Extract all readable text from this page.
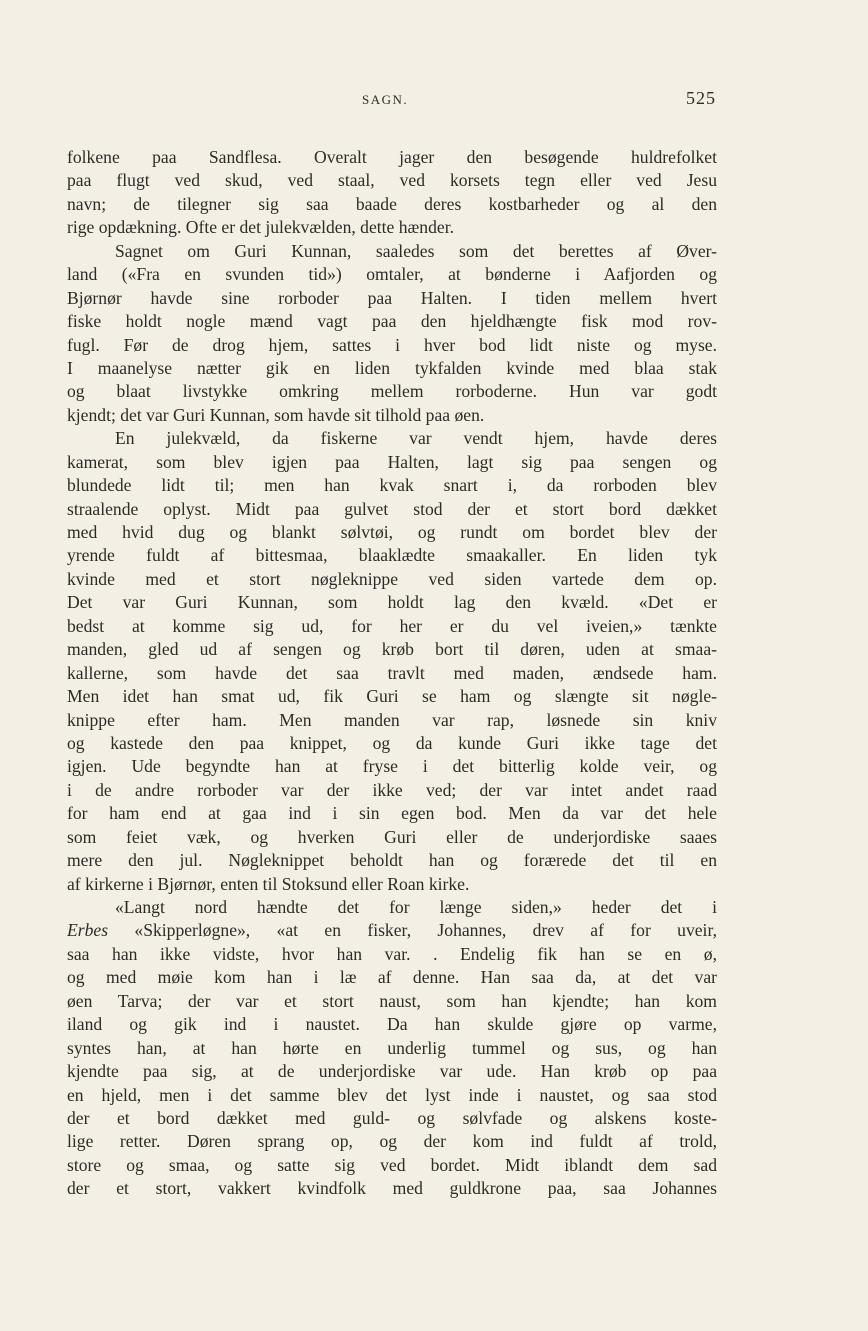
SAGN.	525
folkene paa Sandflesa. Overalt jager den besøgende huldrefolket
paa flugt ved skud, ved staal, ved korsets tegn eller ved Jesu
navn; de tilegner sig saa baade deres kostbarheder og al den
rige opdækning. Ofte er det julekvælden, dette hænder.
Sagnet om Guri Kunnan, saaledes som det berettes af Øver-
land («Fra en svunden tid») omtaler, at bønderne i Aafjorden og
Bjørnør havde sine rorboder paa Halten. I tiden mellem hvert
fiske holdt nogle mænd vagt paa den hjeldhængte fisk mod rov-
fugl. Før de drog hjem, sattes i hver bod lidt niste og myse.
I maanelyse nætter gik en liden tykfalden kvinde med blaa stak
og blaat livstykke omkring mellem rorboderne. Hun var godt
kjendt; det var Guri Kunnan, som havde sit tilhold paa øen.
En julekvæld, da fiskerne var vendt hjem, havde deres
kamerat, som blev igjen paa Halten, lagt sig paa sengen og
blundede lidt til; men han kvak snart i, da rorboden blev
straalende oplyst. Midt paa gulvet stod der et stort bord dækket
med hvid dug og blankt sølvtøi, og rundt om bordet blev der
yrende fuldt af bittesmaa, blaaklædte smaakaller. En liden tyk
kvinde med et stort nøgleknippe ved siden vartede dem op.
Det var Guri Kunnan, som holdt lag den kvæld. «Det er
bedst at komme sig ud, for her er du vel iveien,» tænkte
manden, gled ud af sengen og krøb bort til døren, uden at smaa-
kallerne, som havde det saa travlt med maden, ændsede ham.
Men idet han smat ud, fik Guri se ham og slængte sit nøgle-
knippe efter ham. Men manden var rap, løsnede sin kniv
og kastede den paa knippet, og da kunde Guri ikke tage det
igjen. Ude begyndte han at fryse i det bitterlig kolde veir, og
i de andre rorboder var der ikke ved; der var intet andet raad
for ham end at gaa ind i sin egen bod. Men da var det hele
som feiet væk, og hverken Guri eller de underjordiske saaes
mere den jul. Nøgleknippet beholdt han og forærede det til en
af kirkerne i Bjørnør, enten til Stoksund eller Roan kirke.
«Langt nord hændte det for længe siden,» heder det i
Erbes «Skipperløgne», «at en fisker, Johannes, drev af for uveir,
saa han ikke vidste, hvor han var. . Endelig fik han se en ø,
og med møie kom han i læ af denne. Han saa da, at det var
øen Tarva; der var et stort naust, som han kjendte; han kom
iland og gik ind i naustet. Da han skulde gjøre op varme,
syntes han, at han hørte en underlig tummel og sus, og han
kjendte paa sig, at de underjordiske var ude. Han krøb op paa
en hjeld, men i det samme blev det lyst inde i naustet, og saa stod
der et bord dækket med guld- og sølvfade og alskens koste-
lige retter. Døren sprang op, og der kom ind fuldt af trold,
store og smaa, og satte sig ved bordet. Midt iblandt dem sad
der et stort, vakkert kvindfolk med guldkrone paa, saa Johannes
